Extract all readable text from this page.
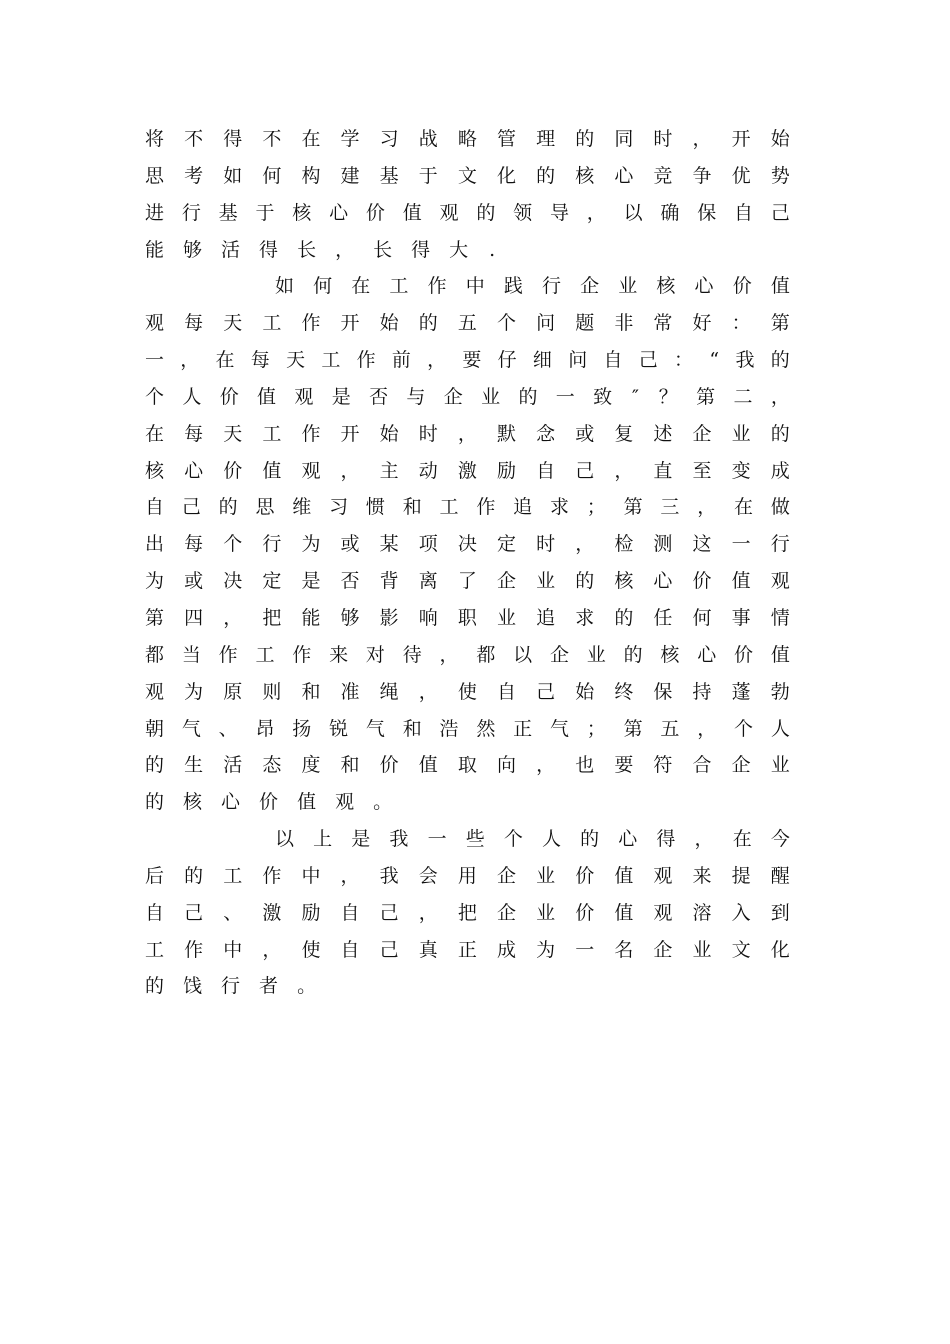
将 不 得 不 在 学 习 战 略 管 理 的 同 时 ， 开 始
思 考 如 何 构 建 基 于 文 化 的 核 心 竞 争 优 势
进 行 基 于 核 心 价 值 观 的 领 导 ， 以 确 保 自 己
能 够 活 得 长 ， 长 得 大 .
如 何 在 工 作 中 践 行 企 业 核 心 价 值
观 每 天 工 作 开 始 的 五 个 问 题 非 常 好 ： 第
一 ， 在 每 天 工 作 前 ， 要 仔 细 问 自 己 ： “ 我 的
个 人 价 值 观 是 否 与 企 业 的 一 致 ″ ？ 第 二 ，
在 每 天 工 作 开 始 时 ， 默 念 或 复 述 企 业 的
核 心 价 值 观 ， 主 动 激 励 自 己 ， 直 至 变 成
自 己 的 思 维 习 惯 和 工 作 追 求 ； 第 三 ， 在 做
出 每 个 行 为 或 某 项 决 定 时 ， 检 测 这 一 行
为 或 决 定 是 否 背 离 了 企 业 的 核 心 价 值 观
第 四 ， 把 能 够 影 响 职 业 追 求 的 任 何 事 情
都 当 作 工 作 来 对 待 ， 都 以 企 业 的 核 心 价 值
观 为 原 则 和 准 绳 ， 使 自 己 始 终 保 持 蓬 勃
朝 气 、 昂 扬 锐 气 和 浩 然 正 气 ； 第 五 ， 个 人
的 生 活 态 度 和 价 值 取 向 ， 也 要 符 合 企 业
的 核 心 价 值 观 。
以 上 是 我 一 些 个 人 的 心 得 ， 在 今
后 的 工 作 中 ， 我 会 用 企 业 价 值 观 来 提 醒
自 己 、 激 励 自 己 ， 把 企 业 价 值 观 溶 入 到
工 作 中 ， 使 自 己 真 正 成 为 一 名 企 业 文 化
的 饯 行 者 。
